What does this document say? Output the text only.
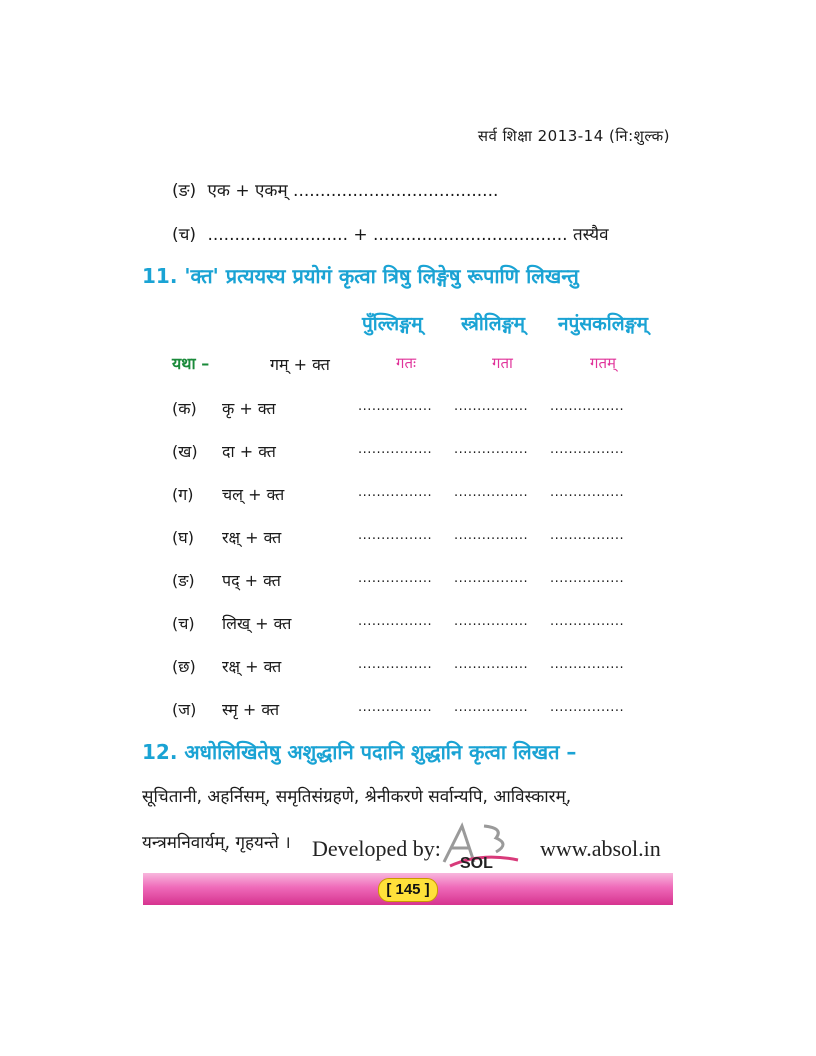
सर्व शिक्षा 2013-14 (नि:शुल्क)
(ङ) एक + एकम् ......................................
(च) .......................... + .................................... तस्यैव
11. 'क्त' प्रत्ययस्य प्रयोगं कृत्वा त्रिषु लिङ्गेषु रूपाणि लिखन्तु
पुँल्लिङ्गम् स्त्रीलिङ्गम् नपुंसकलिङ्गम्
यथा –	गम् + क्त	गतः	गता	गतम्
(क) कृ + क्त	................ ................ ................
(ख) दा + क्त	................ ................ ................
(ग) चल् + क्त	................ ................ ................
(घ) रक्ष् + क्त	................ ................ ................
(ङ) पद् + क्त	................ ................ ................
(च) लिख् + क्त	................ ................ ................
(छ) रक्ष् + क्त	................ ................ ................
(ज) स्मृ + क्त	................ ................ ................
12. अधोलिखितेषु अशुद्धानि पदानि शुद्धानि कृत्वा लिखत –
सूचितानी, अहर्निसम्, समृतिसंग्रहणे, श्रेनीकरणे सर्वान्यपि, आविस्कारम्,
यन्त्रमनिवार्यम्, गृहयन्ते । Developed by:
SOL
www.absol.in
[ 145 ]
